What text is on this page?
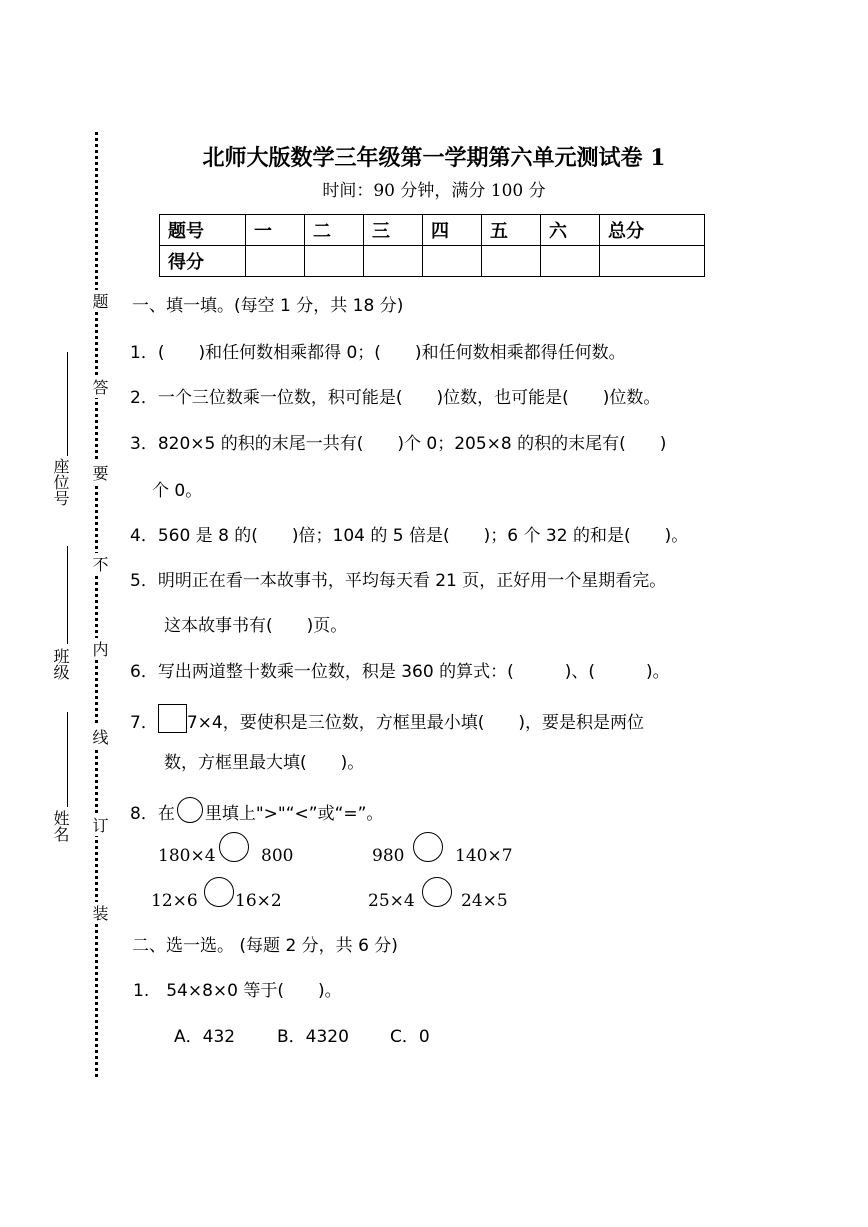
题
答
要
不
内
线
订
装
座位号
班级
姓名
北师大版数学三年级第一学期第六单元测试卷 1
时间：90 分钟，满分 100 分
题号	一	二	三	四	五	六	总分
得分							
一、填一填。(每空 1 分，共 18 分)
1．(　　)和任何数相乘都得 0；(　　)和任何数相乘都得任何数。
2．一个三位数乘一位数，积可能是(　　)位数，也可能是(　　)位数。
3．820×5 的积的末尾一共有(　　)个 0；205×8 的积的末尾有(　　)
个 0。
4．560 是 8 的(　　)倍；104 的 5 倍是(　　)；6 个 32 的和是(　　)。
5．明明正在看一本故事书，平均每天看 21 页，正好用一个星期看完。
这本故事书有(　　)页。
6．写出两道整十数乘一位数，积是 360 的算式：(　　　)、(　　　)。
7． 7×4，要使积是三位数，方框里最小填(　　)，要是积是两位
数，方框里最大填(　　)。
8．在 里填上">"“<”或“=”。
180×4	800	980	140×7
12×6 16×2	25×4	24×5
二、选一选。 (每题 2 分，共 6 分)
1.　54×8×0 等于(　　)。
A．432 B．4320 C．0
